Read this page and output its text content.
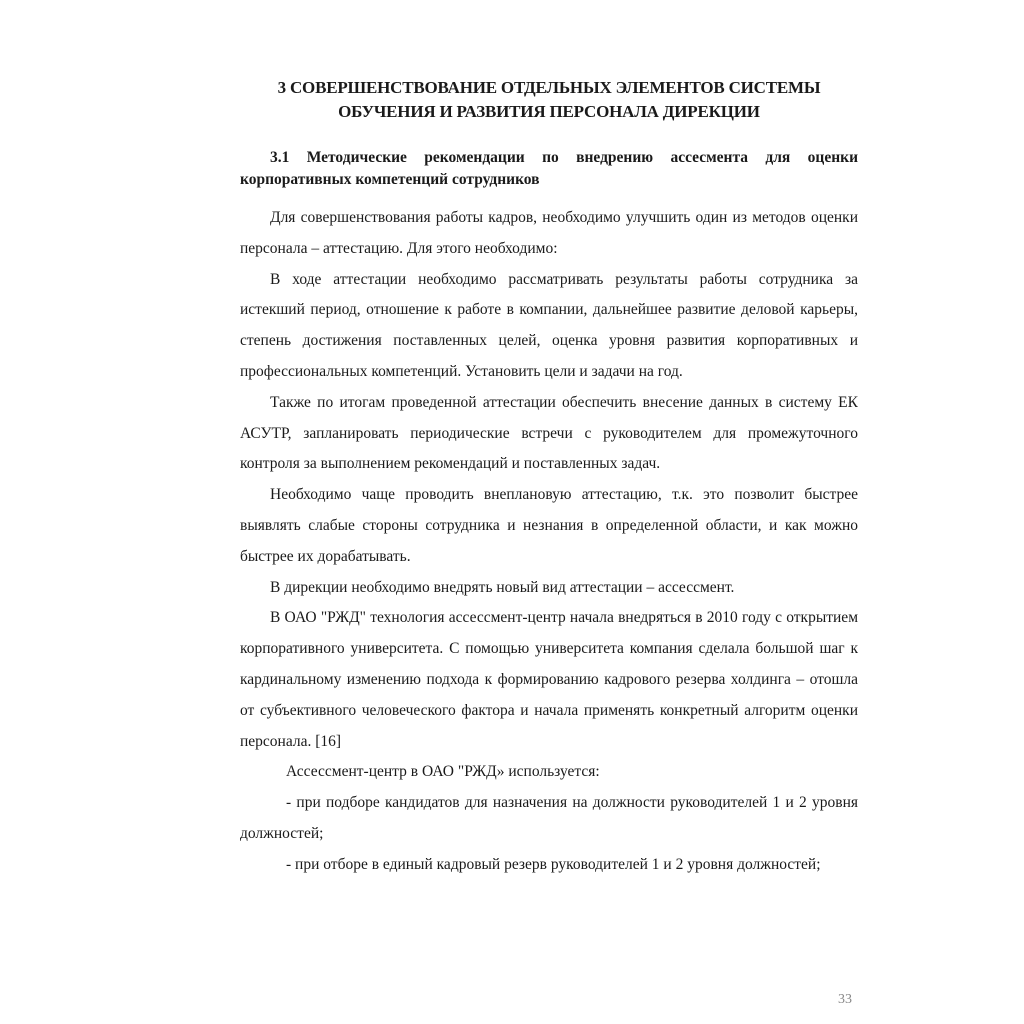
3 СОВЕРШЕНСТВОВАНИЕ ОТДЕЛЬНЫХ ЭЛЕМЕНТОВ СИСТЕМЫ ОБУЧЕНИЯ И РАЗВИТИЯ ПЕРСОНАЛА ДИРЕКЦИИ
3.1 Методические рекомендации по внедрению ассесмента для оценки корпоративных компетенций сотрудников

Для совершенствования работы кадров, необходимо улучшить один из методов оценки персонала – аттестацию. Для этого необходимо:

В ходе аттестации необходимо рассматривать результаты работы сотрудника за истекший период, отношение к работе в компании, дальнейшее развитие деловой карьеры, степень достижения поставленных целей, оценка уровня развития корпоративных и профессиональных компетенций. Установить цели и задачи на год.

Также по итогам проведенной аттестации обеспечить внесение данных в систему ЕК АСУТР, запланировать периодические встречи с руководителем для промежуточного контроля за выполнением рекомендаций и поставленных задач.

Необходимо чаще проводить внеплановую аттестацию, т.к. это позволит быстрее выявлять слабые стороны сотрудника и незнания в определенной области, и как можно быстрее их дорабатывать.

В дирекции необходимо внедрять новый вид аттестации – ассессмент.

В ОАО "РЖД" технология ассессмент-центр начала внедряться в 2010 году с открытием корпоративного университета. С помощью университета компания сделала большой шаг к кардинальному изменению подхода к формированию кадрового резерва холдинга – отошла от субъективного человеческого фактора и начала применять конкретный алгоритм оценки персонала. [16]

Ассессмент-центр в ОАО "РЖД» используется:

- при подборе кандидатов для назначения на должности руководителей 1 и 2 уровня должностей;

- при отборе в единый кадровый резерв руководителей 1 и 2 уровня должностей;

33
